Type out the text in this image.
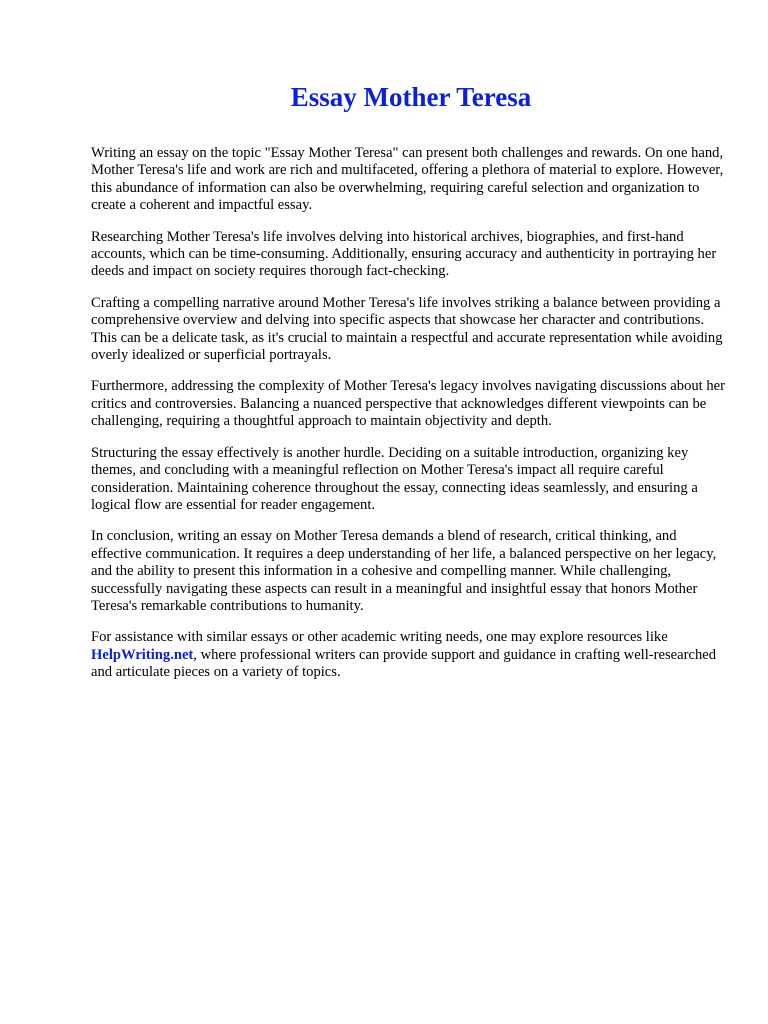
Essay Mother Teresa

Writing an essay on the topic "Essay Mother Teresa" can present both challenges and rewards. On one hand, Mother Teresa's life and work are rich and multifaceted, offering a plethora of material to explore. However, this abundance of information can also be overwhelming, requiring careful selection and organization to create a coherent and impactful essay.

Researching Mother Teresa's life involves delving into historical archives, biographies, and first-hand accounts, which can be time-consuming. Additionally, ensuring accuracy and authenticity in portraying her deeds and impact on society requires thorough fact-checking.

Crafting a compelling narrative around Mother Teresa's life involves striking a balance between providing a comprehensive overview and delving into specific aspects that showcase her character and contributions. This can be a delicate task, as it's crucial to maintain a respectful and accurate representation while avoiding overly idealized or superficial portrayals.

Furthermore, addressing the complexity of Mother Teresa's legacy involves navigating discussions about her critics and controversies. Balancing a nuanced perspective that acknowledges different viewpoints can be challenging, requiring a thoughtful approach to maintain objectivity and depth.

Structuring the essay effectively is another hurdle. Deciding on a suitable introduction, organizing key themes, and concluding with a meaningful reflection on Mother Teresa's impact all require careful consideration. Maintaining coherence throughout the essay, connecting ideas seamlessly, and ensuring a logical flow are essential for reader engagement.

In conclusion, writing an essay on Mother Teresa demands a blend of research, critical thinking, and effective communication. It requires a deep understanding of her life, a balanced perspective on her legacy, and the ability to present this information in a cohesive and compelling manner. While challenging, successfully navigating these aspects can result in a meaningful and insightful essay that honors Mother Teresa's remarkable contributions to humanity.

For assistance with similar essays or other academic writing needs, one may explore resources like HelpWriting.net, where professional writers can provide support and guidance in crafting well-researched and articulate pieces on a variety of topics.
